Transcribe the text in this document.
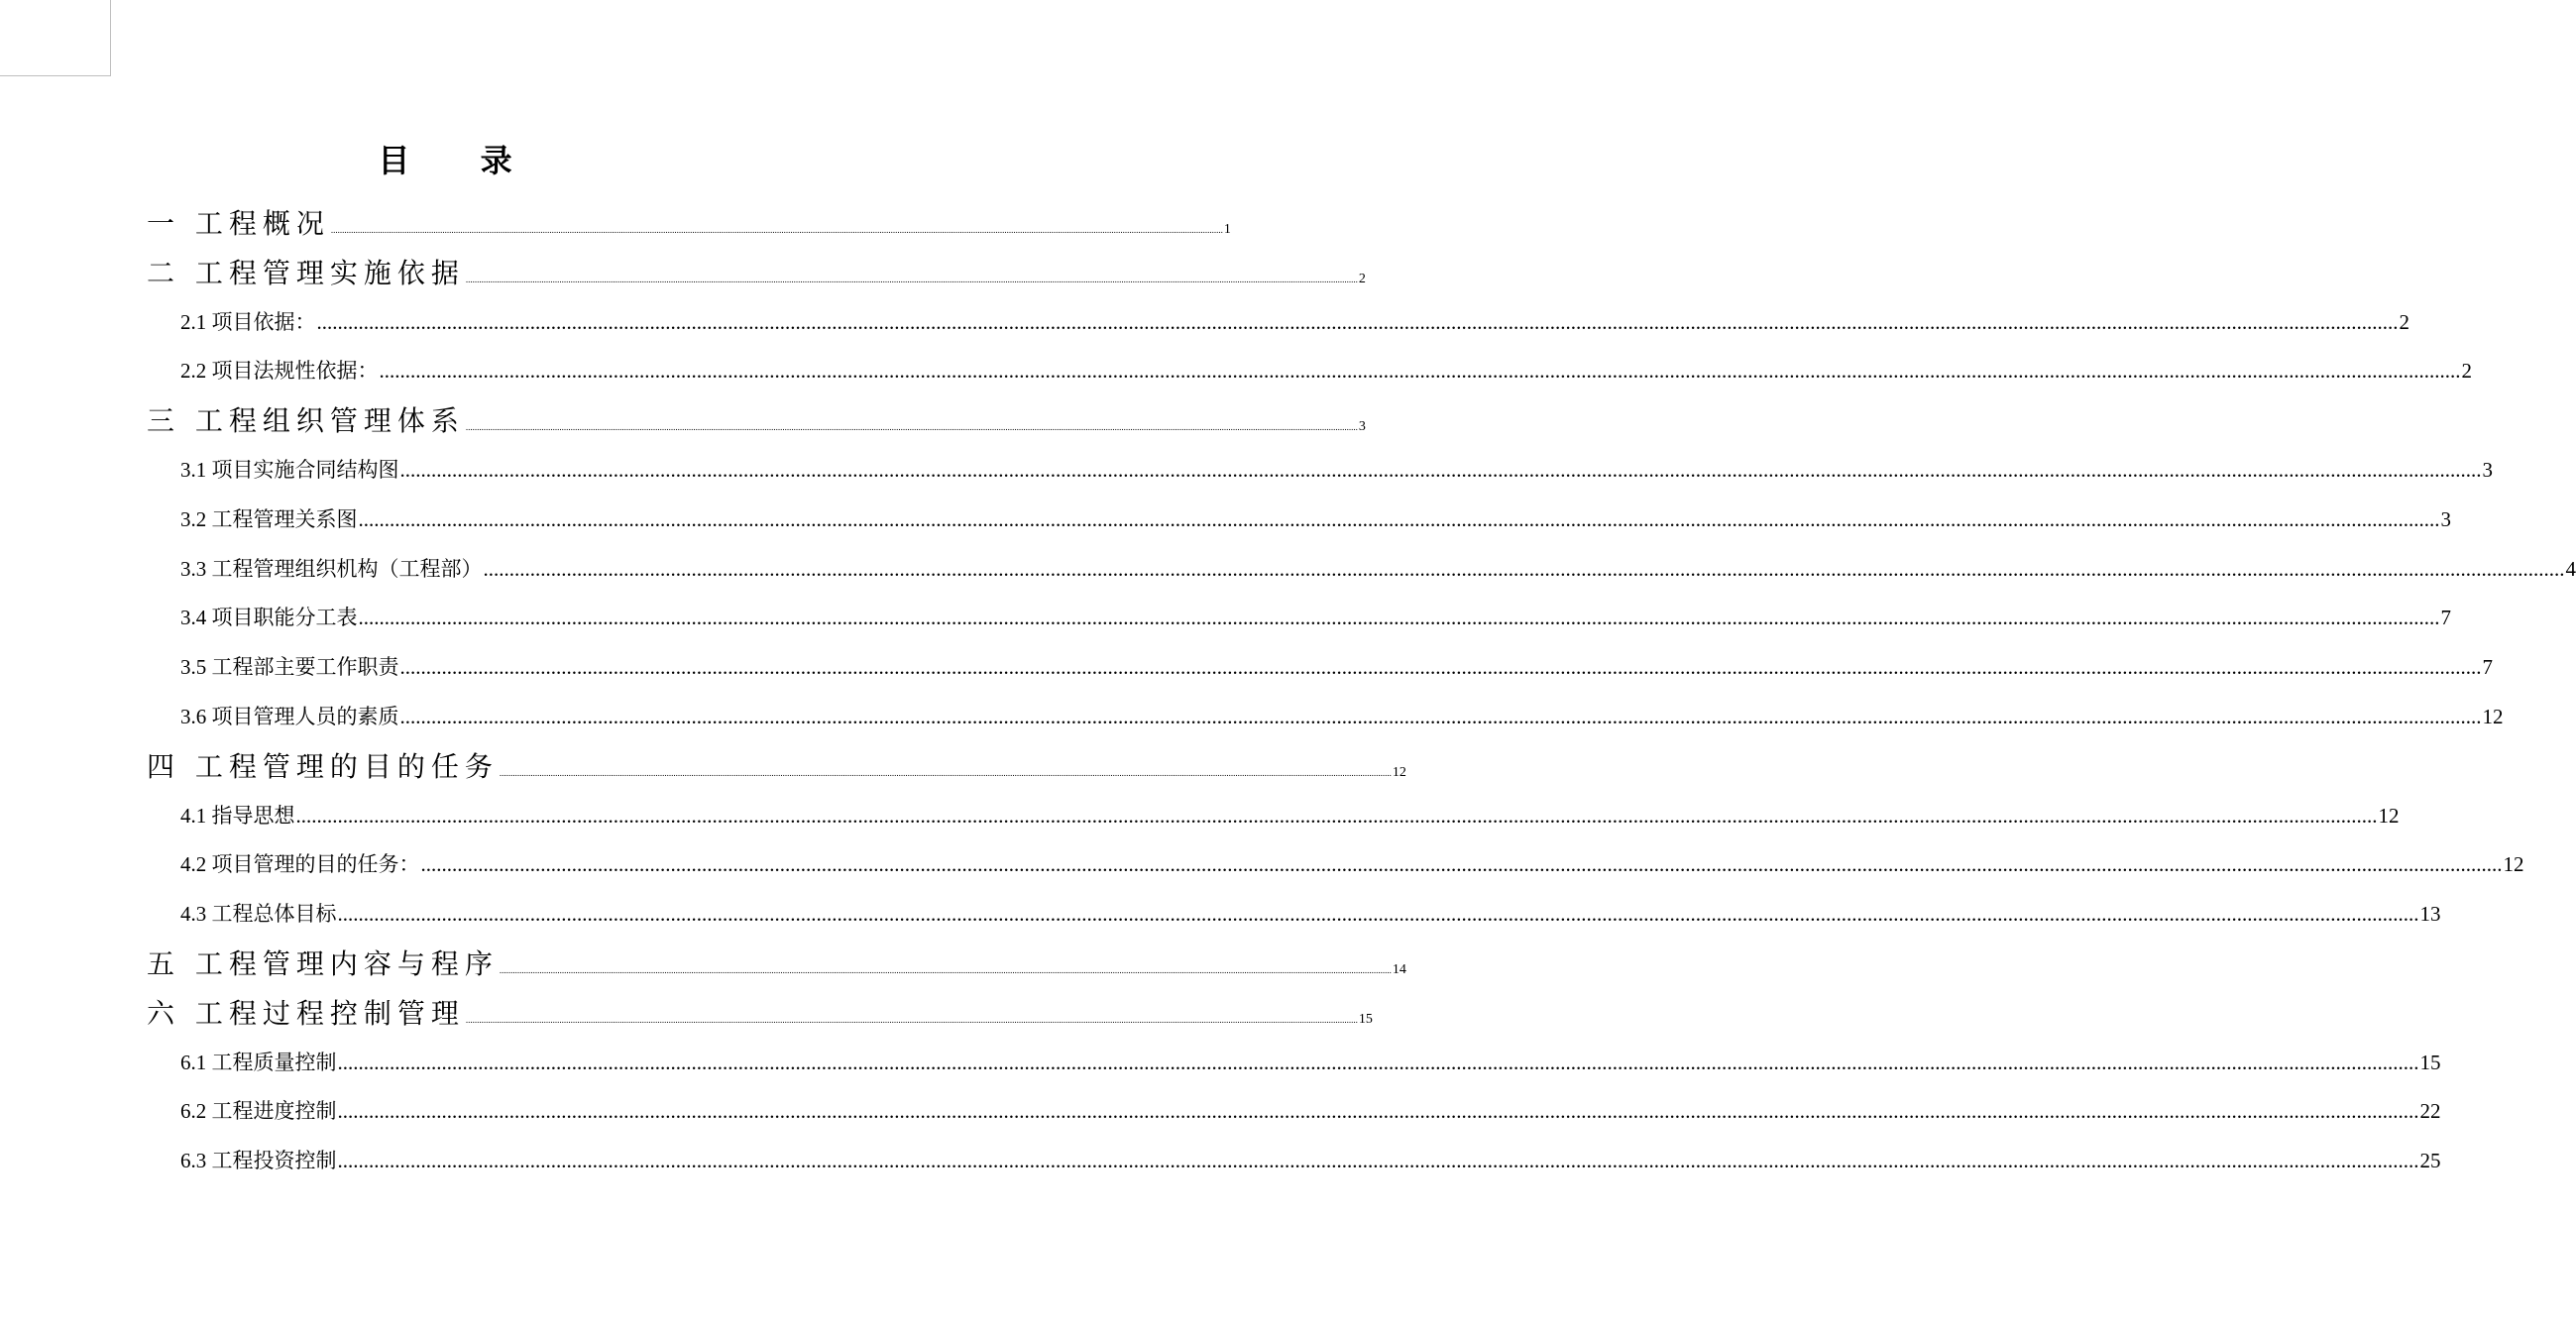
目 录
一 工程概况 ................................................................................................................................................................................................................................................................................................................................................................................................................ 1
二 工程管理实施依据 ................................................................................................................................................................................................................................................................................................................................................................................................................ 2
2.1 项目依据： ................................................................................................................................................................................................................................................................................................................................................................................................................ 2
2.2 项目法规性依据： ................................................................................................................................................................................................................................................................................................................................................................................................................ 2
三 工程组织管理体系 ................................................................................................................................................................................................................................................................................................................................................................................................................ 3
3.1 项目实施合同结构图 ................................................................................................................................................................................................................................................................................................................................................................................................................ 3
3.2 工程管理关系图 ................................................................................................................................................................................................................................................................................................................................................................................................................ 3
3.3 工程管理组织机构（工程部） ................................................................................................................................................................................................................................................................................................................................................................................................................ 4
3.4 项目职能分工表 ................................................................................................................................................................................................................................................................................................................................................................................................................ 7
3.5 工程部主要工作职责 ................................................................................................................................................................................................................................................................................................................................................................................................................ 7
3.6 项目管理人员的素质 ................................................................................................................................................................................................................................................................................................................................................................................................................ 12
四 工程管理的目的任务 ................................................................................................................................................................................................................................................................................................................................................................................................................ 12
4.1 指导思想 ................................................................................................................................................................................................................................................................................................................................................................................................................ 12
4.2 项目管理的目的任务： ................................................................................................................................................................................................................................................................................................................................................................................................................ 12
4.3 工程总体目标 ................................................................................................................................................................................................................................................................................................................................................................................................................ 13
五 工程管理内容与程序 ................................................................................................................................................................................................................................................................................................................................................................................................................ 14
六 工程过程控制管理 ................................................................................................................................................................................................................................................................................................................................................................................................................ 15
6.1 工程质量控制 ................................................................................................................................................................................................................................................................................................................................................................................................................ 15
6.2 工程进度控制 ................................................................................................................................................................................................................................................................................................................................................................................................................ 22
6.3 工程投资控制 ................................................................................................................................................................................................................................................................................................................................................................................................................ 25
